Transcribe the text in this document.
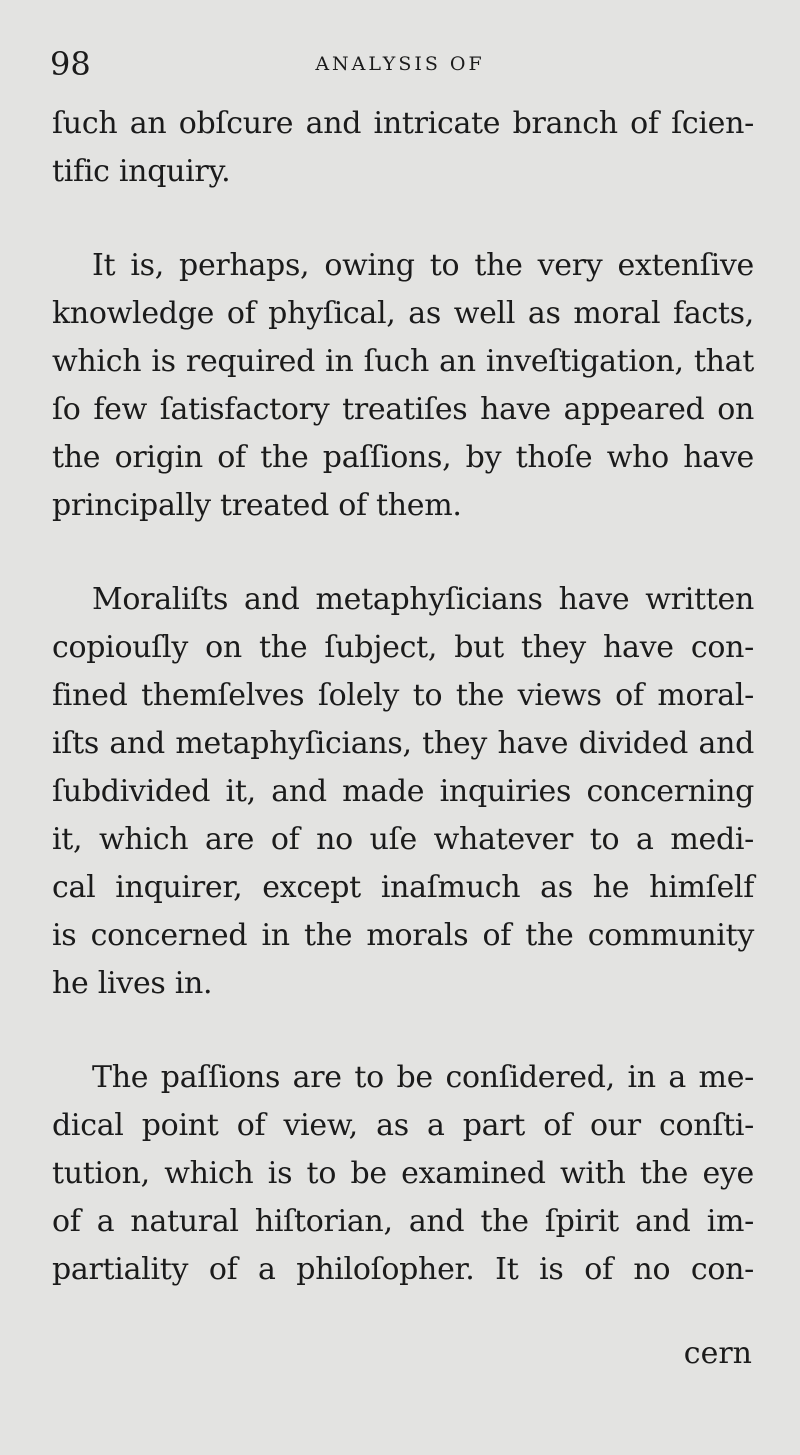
98	ANALYSIS OF
ſuch an obſcure and intricate branch of ſcien-
tific inquiry.
It is, perhaps, owing to the very extenſive
knowledge of phyſical, as well as moral facts,
which is required in ſuch an inveſtigation, that
ſo few ſatisfactory treatiſes have appeared on
the origin of the paſſions, by thoſe who have
principally treated of them.
Moraliſts and metaphyſicians have written
copiouſly on the ſubject, but they have con-
fined themſelves ſolely to the views of moral-
iſts and metaphyſicians, they have divided and
ſubdivided it, and made inquiries concerning
it, which are of no uſe whatever to a medi-
cal inquirer, except inaſmuch as he himſelf
is concerned in the morals of the community
he lives in.
The paſſions are to be conſidered, in a me-
dical point of view, as a part of our conſti-
tution, which is to be examined with the eye
of a natural hiſtorian, and the ſpirit and im-
partiality of a philoſopher. It is of no con-
cern
